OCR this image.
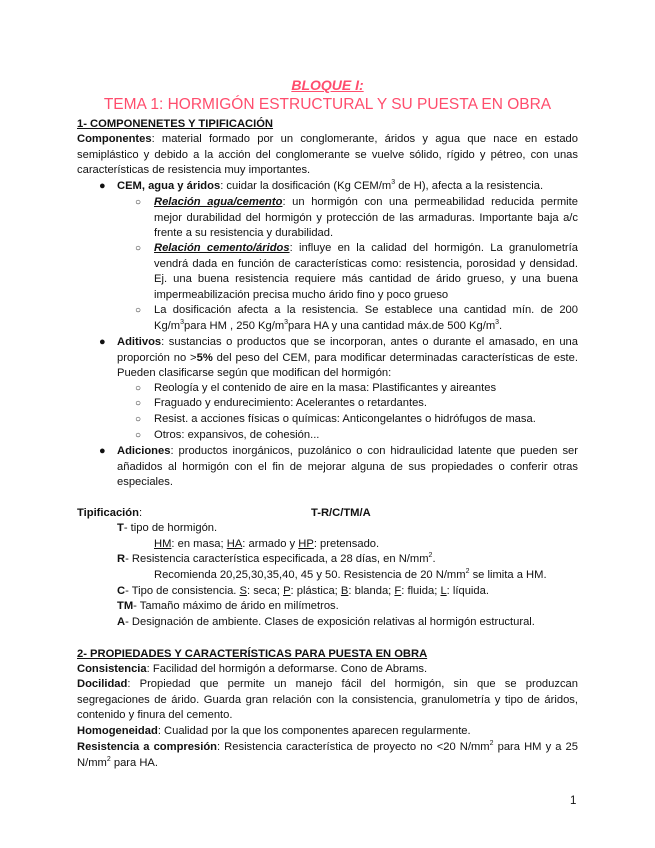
BLOQUE I:
TEMA 1: HORMIGÓN ESTRUCTURAL Y SU PUESTA EN OBRA
1- COMPONENETES Y TIPIFICACIÓN
Componentes: material formado por un conglomerante, áridos y agua que nace en estado semiplástico y debido a la acción del conglomerante se vuelve sólido, rígido y pétreo, con unas características de resistencia muy importantes.
● CEM, agua y áridos: cuidar la dosificación (Kg CEM/$m^3$ de H), afecta a la resistencia.
○ Relación agua/cemento: un hormigón con una permeabilidad reducida permite mejor durabilidad del hormigón y protección de las armaduras. Importante baja a/c frente a su resistencia y durabilidad.
○ Relación cemento/áridos: influye en la calidad del hormigón. La granulometría vendrá dada en función de características como: resistencia, porosidad y densidad. Ej. una buena resistencia requiere más cantidad de árido grueso, y una buena impermeabilización precisa mucho árido fino y poco grueso
○ La dosificación afecta a la resistencia. Se establece una cantidad mín. de 200 $Kg/m^3para$ HM , 250 $Kg/m^3para$ HA y una cantidad máx.de 500 $Kg/m^3$.
● Aditivos: sustancias o productos que se incorporan, antes o durante el amasado, en una proporción no >5% del peso del CEM, para modificar determinadas características de este. Pueden clasificarse según que modifican del hormigón:
○ Reología y el contenido de aire en la masa: Plastificantes y aireantes
○ Fraguado y endurecimiento: Acelerantes o retardantes.
○ Resist. a acciones físicas o químicas: Anticongelantes o hidrófugos de masa.
○ Otros: expansivos, de cohesión...
● Adiciones: productos inorgánicos, puzolánico o con hidraulicidad latente que pueden ser añadidos al hormigón con el fin de mejorar alguna de sus propiedades o conferir otras especiales.
Tipificación:	T-R/C/TM/A
T- tipo de hormigón.
HM: en masa; HA: armado y HP: pretensado.
R- Resistencia característica especificada, a 28 días, en $N/mm^2$.
Recomienda 20,25,30,35,40, 45 y 50. Resistencia de 20 $N/mm^2$ se limita a HM.
C- Tipo de consistencia. S: seca; P: plástica; B: blanda; F: fluida; L: líquida.
TM- Tamaño máximo de árido en milímetros.
A- Designación de ambiente. Clases de exposición relativas al hormigón estructural.
2- PROPIEDADES Y CARACTERÍSTICAS PARA PUESTA EN OBRA
Consistencia: Facilidad del hormigón a deformarse. Cono de Abrams.
Docilidad: Propiedad que permite un manejo fácil del hormigón, sin que se produzcan segregaciones de árido. Guarda gran relación con la consistencia, granulometría y tipo de áridos, contenido y finura del cemento.
Homogeneidad: Cualidad por la que los componentes aparecen regularmente.
Resistencia a compresión: Resistencia característica de proyecto no <20 $N/mm^2$ para HM y a 25 $N/mm^2$ para HA.
1
